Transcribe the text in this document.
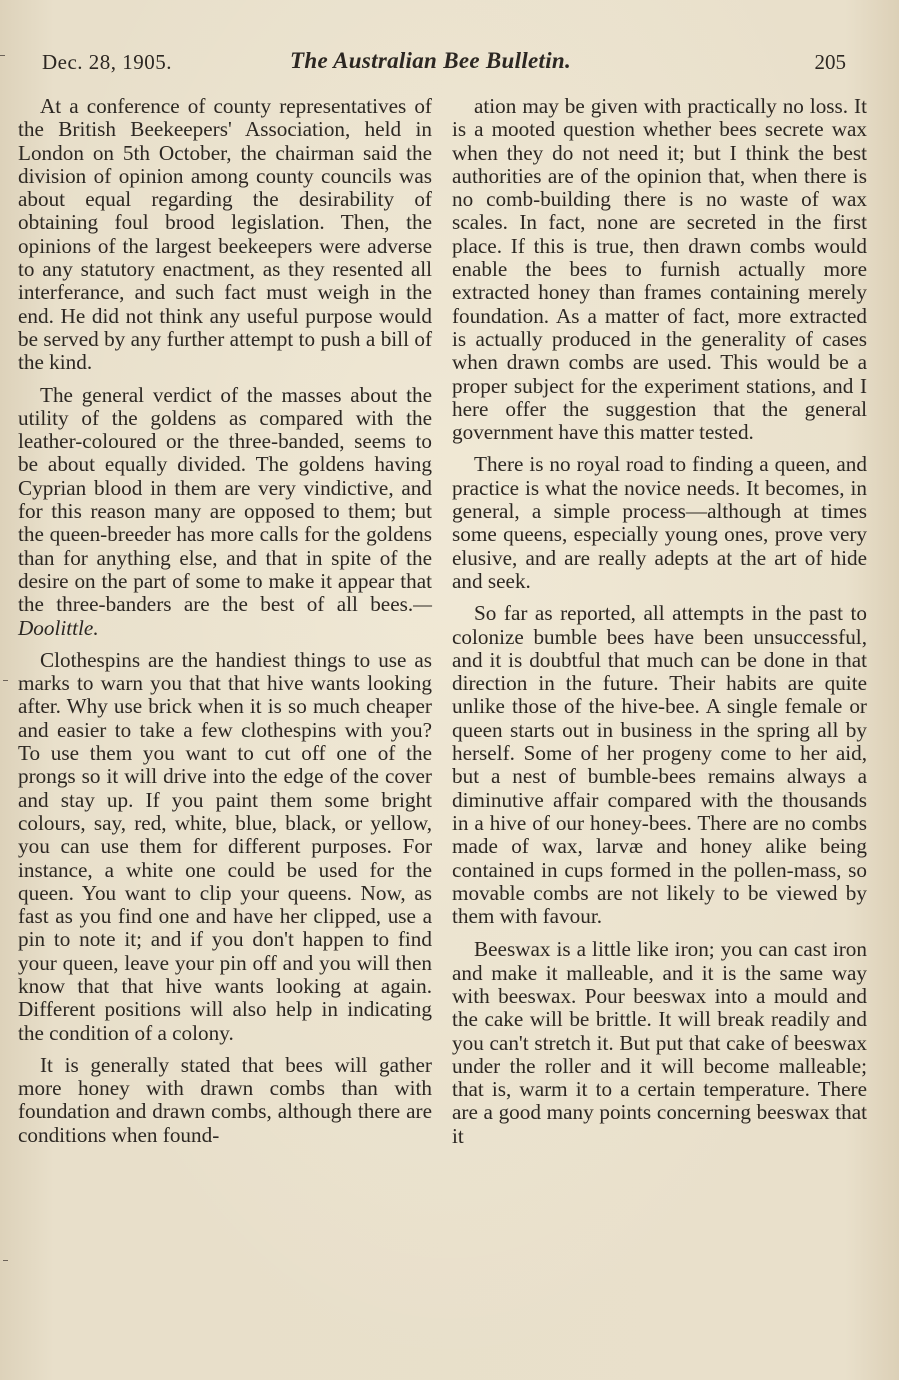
Dec. 28, 1905.	The Australian Bee Bulletin.	205

At a conference of county representatives of the British Beekeepers' Association, held in London on 5th October, the chairman said the division of opinion among county councils was about equal regarding the desirability of obtaining foul brood legislation. Then, the opinions of the largest beekeepers were adverse to any statutory enactment, as they resented all interferance, and such fact must weigh in the end. He did not think any useful purpose would be served by any further attempt to push a bill of the kind.

The general verdict of the masses about the utility of the goldens as compared with the leather-coloured or the three-banded, seems to be about equally divided. The goldens having Cyprian blood in them are very vindictive, and for this reason many are opposed to them; but the queen-breeder has more calls for the goldens than for anything else, and that in spite of the desire on the part of some to make it appear that the three-banders are the best of all bees.—Doolittle.

Clothespins are the handiest things to use as marks to warn you that that hive wants looking after. Why use brick when it is so much cheaper and easier to take a few clothespins with you? To use them you want to cut off one of the prongs so it will drive into the edge of the cover and stay up. If you paint them some bright colours, say, red, white, blue, black, or yellow, you can use them for different purposes. For instance, a white one could be used for the queen. You want to clip your queens. Now, as fast as you find one and have her clipped, use a pin to note it; and if you don't happen to find your queen, leave your pin off and you will then know that that hive wants looking at again. Different positions will also help in indicating the condition of a colony.

It is generally stated that bees will gather more honey with drawn combs than with foundation and drawn combs, although there are conditions when found-

ation may be given with practically no loss. It is a mooted question whether bees secrete wax when they do not need it; but I think the best authorities are of the opinion that, when there is no comb-building there is no waste of wax scales. In fact, none are secreted in the first place. If this is true, then drawn combs would enable the bees to furnish actually more extracted honey than frames containing merely foundation. As a matter of fact, more extracted is actually produced in the generality of cases when drawn combs are used. This would be a proper subject for the experiment stations, and I here offer the suggestion that the general government have this matter tested.

There is no royal road to finding a queen, and practice is what the novice needs. It becomes, in general, a simple process—although at times some queens, especially young ones, prove very elusive, and are really adepts at the art of hide and seek.

So far as reported, all attempts in the past to colonize bumble bees have been unsuccessful, and it is doubtful that much can be done in that direction in the future. Their habits are quite unlike those of the hive-bee. A single female or queen starts out in business in the spring all by herself. Some of her progeny come to her aid, but a nest of bumble-bees remains always a diminutive affair compared with the thousands in a hive of our honey-bees. There are no combs made of wax, larvæ and honey alike being contained in cups formed in the pollen-mass, so movable combs are not likely to be viewed by them with favour.

Beeswax is a little like iron; you can cast iron and make it malleable, and it is the same way with beeswax. Pour beeswax into a mould and the cake will be brittle. It will break readily and you can't stretch it. But put that cake of beeswax under the roller and it will become malleable; that is, warm it to a certain temperature. There are a good many points concerning beeswax that it
